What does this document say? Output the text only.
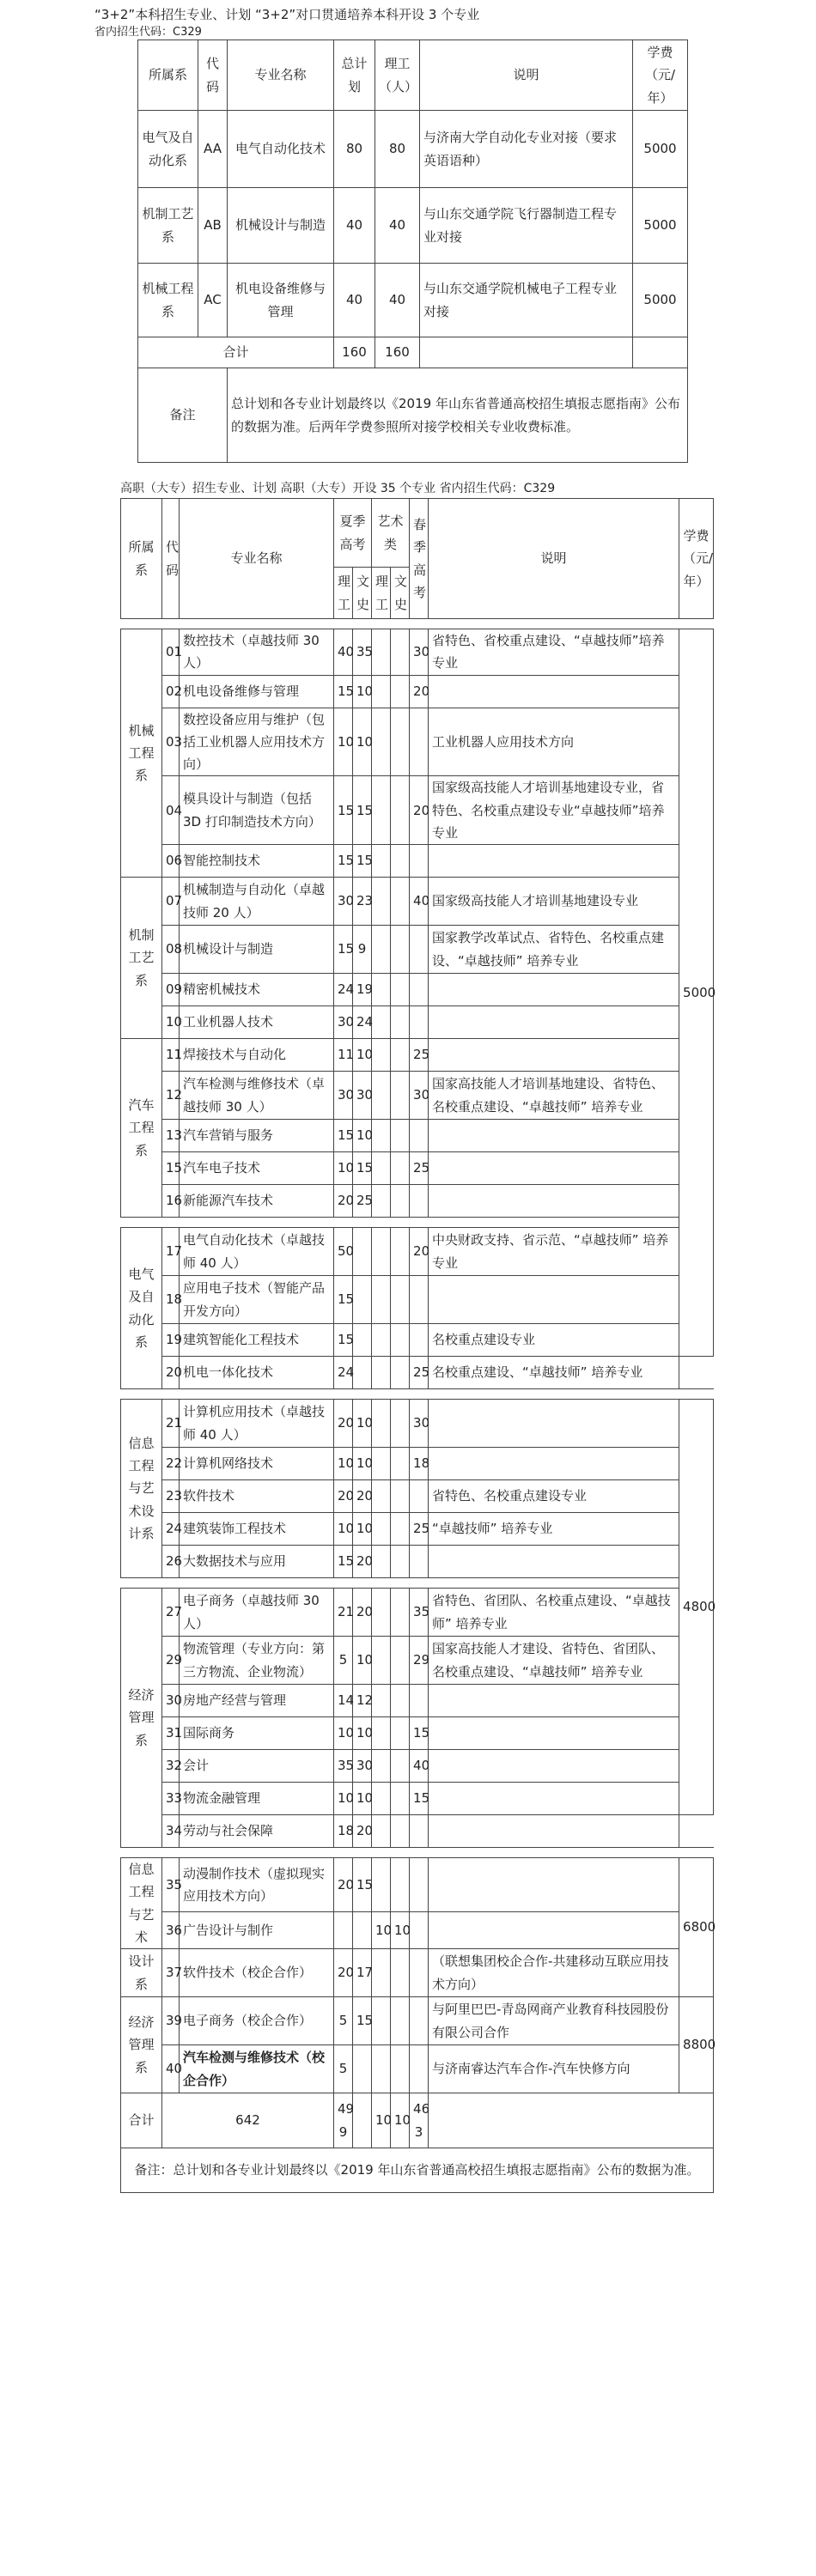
“3+2”本科招生专业、计划 “3+2”对口贯通培养本科开设 3 个专业
省内招生代码：C329
所属系	代码	专业名称	总计划	理工（人）	说明	学费（元/年）
电气及自动化系	AA	电气自动化技术	80	80	与济南大学自动化专业对接（要求英语语种）	5000
机制工艺系	AB	机械设计与制造	40	40	与山东交通学院飞行器制造工程专业对接	5000
机械工程系	AC	机电设备维修与管理	40	40	与山东交通学院机械电子工程专业对接	5000
合计			160	160		
备注		总计划和各专业计划最终以《2019 年山东省普通高校招生填报志愿指南》公布的数据为准。后两年学费参照所对接学校相关专业收费标准。				
高职（大专）招生专业、计划 高职（大专）开设 35 个专业 省内招生代码：C329
所属系	代码	专业名称	夏季高考		艺术类		春季高考	说明	学费（元/年）
			理工	文史	理工	文史			

机械工程系	01	数控技术（卓越技师 30 人）	40	35			30	省特色、省校重点建设、“卓越技师”培养专业	5000
	02	机电设备维修与管理	15	10			20		
	03	数控设备应用与维护（包括工业机器人应用技术方向）	10	10				工业机器人应用技术方向	
	04	模具设计与制造（包括 3D 打印制造技术方向）	15	15			20	国家级高技能人才培训基地建设专业，省特色、名校重点建设专业“卓越技师”培养专业	
	06	智能控制技术	15	15					
机制工艺系	07	机械制造与自动化（卓越技师 20 人）	30	23			40	国家级高技能人才培训基地建设专业	
	08	机械设计与制造	15	9				国家教学改革试点、省特色、名校重点建设、“卓越技师” 培养专业	
	09	精密机械技术	24	19					
	10	工业机器人技术	30	24					
汽车工程系	11	焊接技术与自动化	11	10			25		
	12	汽车检测与维修技术（卓越技师 30 人）	30	30			30	国家高技能人才培训基地建设、省特色、名校重点建设、“卓越技师” 培养专业	
	13	汽车营销与服务	15	10					
	15	汽车电子技术	10	15			25		
	16	新能源汽车技术	20	25					

电气及自动化系	17	电气自动化技术（卓越技师 40 人）	50				20	中央财政支持、省示范、“卓越技师” 培养专业	
	18	应用电子技术（智能产品开发方向）	15						
	19	建筑智能化工程技术	15					名校重点建设专业	
	20	机电一体化技术	24				25	名校重点建设、“卓越技师” 培养专业	

信息工程与艺术设计系	21	计算机应用技术（卓越技师 40 人）	20	10			30		4800
	22	计算机网络技术	10	10			18		
	23	软件技术	20	20				省特色、名校重点建设专业	
	24	建筑装饰工程技术	10	10			25	“卓越技师” 培养专业	
	26	大数据技术与应用	15	20					

经济管理系	27	电子商务（卓越技师 30 人）	21	20			35	省特色、省团队、名校重点建设、“卓越技师” 培养专业	
	29	物流管理（专业方向：第三方物流、企业物流）	5	10			29	国家高技能人才建设、省特色、省团队、名校重点建设、“卓越技师” 培养专业	
	30	房地产经营与管理	14	12					
	31	国际商务	10	10			15		
	32	会计	35	30			40		
	33	物流金融管理	10	10			15		
	34	劳动与社会保障	18	20					

信息工程与艺术	35	动漫制作技术（虚拟现实应用技术方向）	20	15					6800
	36	广告设计与制作			10	10			
设计系	37	软件技术（校企合作）	20	17				（联想集团校企合作-共建移动互联应用技术方向）	
经济管理系	39	电子商务（校企合作）	5	15				与阿里巴巴-青岛网商产业教育科技园股份有限公司合作	8800
	40	汽车检测与维修技术（校企合作）	5					与济南睿达汽车合作-汽车快修方向	
合计	642		49 9		10	10	46 3		
备注：总计划和各专业计划最终以《2019 年山东省普通高校招生填报志愿指南》公布的数据为准。									
